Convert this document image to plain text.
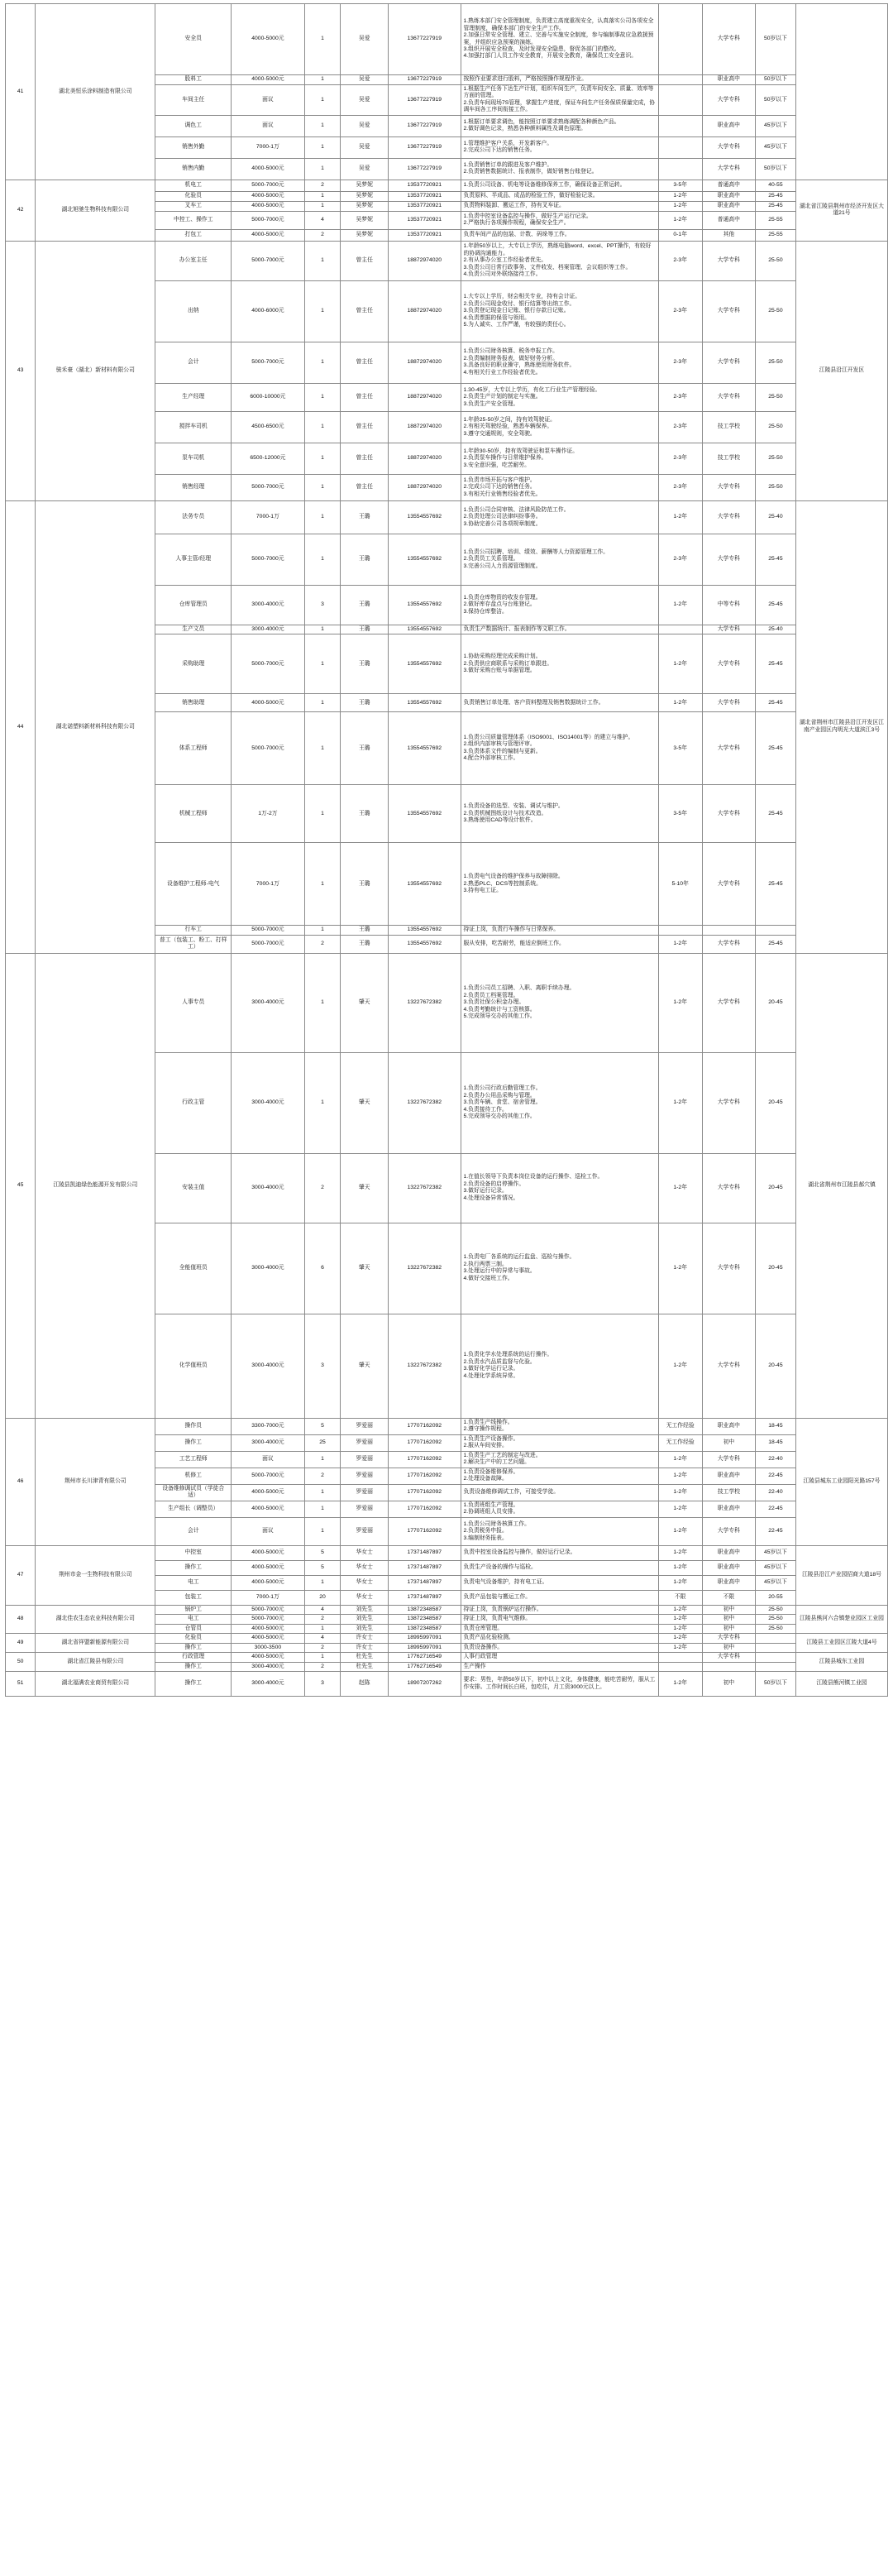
41	湖北美恒乐涂料制造有限公司	安全员	4000-5000元	1	吴爱	13677227919	1.熟练本部门安全管理制度，负责建立高度重视安全，认真落实公司各项安全管理制度，确保本部门的安全生产工作。
2.加强日常安全管理、建立、完善与实施安全制度，参与编制事故应急救援预案，并组织应急预案的演练。
3.组织开展安全检查，及时发现安全隐患，督促各部门的整改。
4.加强打部门人员工作安全教育，开展安全教育，确保员工安全意识。		大学专科	50岁以下	
		股料工	4000-5000元	1	吴爱	13677227919	按照作业要求进行股料，严格按照操作规程作业。		职业高中	50岁以下	
		车间主任	面议	1	吴爱	13677227919	1.根据生产任务下达生产计划，组织车间生产，负责车间安全、质量、效率等方面的管理。
2.负责车间现场7S管理，掌握生产进度，保证车间生产任务保质保量完成，协调车间各工序间衔接工作。		大学专科	50岁以下	
		调色工	面议	1	吴爱	13677227919	1.根据订单要求调色，能按照订单要求熟练调配各种颜色产品。
2.做好调色记录，熟悉各种颜料属性及调色原理。		职业高中	45岁以下	
		销售外勤	7000-1万	1	吴爱	13677227919	1.管理维护客户关系，开发新客户。
2.完成公司下达的销售任务。		大学专科	45岁以下	
		销售内勤	4000-5000元	1	吴爱	13677227919	1.负责销售订单的跟进及客户维护。
2.负责销售数据统计、报表制作，做好销售台账登记。		大学专科	50岁以下	
42	湖北旭驰生物科技有限公司	机电工	5000-7000元	2	吴梦妮	13537720921	1.负责公司设备、机电等设备维修保养工作，确保设备正常运转。	3-5年	普通高中	40-55	湖北省江陵县荆州市经济开发区大道21号
		化验员	4000-5000元	1	吴梦妮	13537720921	负责原料、半成品、成品的检验工作，做好检验记录。	1-2年	职业高中	25-45	
		叉车工	4000-5000元	1	吴梦妮	13537720921	负责物料装卸、搬运工作，持有叉车证。	1-2年	职业高中	25-45	
		中控工、操作工	5000-7000元	4	吴梦妮	13537720921	1.负责中控室设备监控与操作，做好生产运行记录。
2.严格执行各项操作规程，确保安全生产。	1-2年	普通高中	25-55	
		打包工	4000-5000元	2	吴梦妮	13537720921	负责车间产品的包装、计数、码垛等工作。	0-1年	其他	25-55	
43	骏禾豪（湖北）新材料有限公司	办公室主任	5000-7000元	1	曾主任	18872974020	1.年龄50岁以上，大专以上学历，熟练电脑word、excel、PPT操作，有较好的协调沟通能力。
2.有从事办公室工作经验者优先。
3.负责公司日常行政事务、文件收发、档案管理、会议组织等工作。
4.负责公司对外联络接待工作。	2-3年	大学专科	25-50	江陵县沿江开发区
		出纳	4000-6000元	1	曾主任	18872974020	1.大专以上学历，财会相关专业，持有会计证。
2.负责公司现金收付、银行结算等出纳工作。
3.负责登记现金日记账、银行存款日记账。
4.负责票据的保管与领用。
5.为人诚实、工作严谨，有较强的责任心。	2-3年	大学专科	25-50	
		会计	5000-7000元	1	曾主任	18872974020	1.负责公司财务核算、税务申报工作。
2.负责编制财务报表，做好财务分析。
3.具备良好的职业操守，熟练使用财务软件。
4.有相关行业工作经验者优先。	2-3年	大学专科	25-50	
		生产经理	6000-10000元	1	曾主任	18872974020	1.30-45岁，大专以上学历，有化工行业生产管理经验。
2.负责生产计划的制定与实施。
3.负责生产安全管理。	2-3年	大学专科	25-50	
		搅拌车司机	4500-6500元	1	曾主任	18872974020	1.年龄25-50岁之间，持有效驾驶证。
2.有相关驾驶经验，熟悉车辆保养。
3.遵守交通规则，安全驾驶。	2-3年	技工学校	25-50	
		泵车司机	6500-12000元	1	曾主任	18872974020	1.年龄30-50岁，持有效驾驶证和泵车操作证。
2.负责泵车操作与日常维护保养。
3.安全意识强，吃苦耐劳。	2-3年	技工学校	25-50	
		销售经理	5000-7000元	1	曾主任	18872974020	1.负责市场开拓与客户维护。
2.完成公司下达的销售任务。
3.有相关行业销售经验者优先。	2-3年	大学专科	25-50	
44	湖北诺塑料新材料科技有限公司	法务专员	7000-1万	1	王璐	13554557692	1.负责公司合同审核、法律风险防范工作。
2.负责处理公司法律纠纷事务。
3.协助完善公司各项规章制度。	1-2年	大学专科	25-40	湖北省荆州市江陵县沿江开发区江南产业园区内明光大道滨江3号
		人事主管/经理	5000-7000元	1	王璐	13554557692	1.负责公司招聘、培训、绩效、薪酬等人力资源管理工作。
2.负责员工关系管理。
3.完善公司人力资源管理制度。	2-3年	大学专科	25-45	
		仓库管理员	3000-4000元	3	王璐	13554557692	1.负责仓库物资的收发存管理。
2.做好库存盘点与台账登记。
3.保持仓库整洁。	1-2年	中等专科	25-45	
		生产文员	3000-4000元	1	王璐	13554557692	负责生产数据统计、报表制作等文职工作。		大学专科	25-40	
		采购助理	5000-7000元	1	王璐	13554557692	1.协助采购经理完成采购计划。
2.负责供应商联系与采购订单跟进。
3.做好采购台账与单据管理。	1-2年	大学专科	25-45	
		销售助理	4000-5000元	1	王璐	13554557692	负责销售订单处理、客户资料整理及销售数据统计工作。	1-2年	大学专科	25-45	
		体系工程师	5000-7000元	1	王璐	13554557692	1.负责公司质量管理体系（ISO9001、ISO14001等）的建立与维护。
2.组织内部审核与管理评审。
3.负责体系文件的编制与更新。
4.配合外部审核工作。	3-5年	大学专科	25-45	
		机械工程师	1万-2万	1	王璐	13554557692	1.负责设备的选型、安装、调试与维护。
2.负责机械图纸设计与技术改造。
3.熟练使用CAD等设计软件。	3-5年	大学专科	25-45	
		设备维护工程师-电气	7000-1万	1	王璐	13554557692	1.负责电气设备的维护保养与故障排除。
2.熟悉PLC、DCS等控制系统。
3.持有电工证。	5-10年	大学专科	25-45	
		行车工	5000-7000元	1	王璐	13554557692	持证上岗，负责行车操作与日常保养。				
		普工（包装工、粉工、打样工）	5000-7000元	2	王璐	13554557692	服从安排，吃苦耐劳，能适应倒班工作。	1-2年	大学专科	25-45	
45	江陵县凯迪绿色能源开发有限公司	人事专员	3000-4000元	1	肇天	13227672382	1.负责公司员工招聘、入职、离职手续办理。
2.负责员工档案管理。
3.负责社保公积金办理。
4.负责考勤统计与工资核算。
5.完成领导交办的其他工作。	1-2年	大学专科	20-45	湖北省荆州市江陵县郝穴镇
		行政主管	3000-4000元	1	肇天	13227672382	1.负责公司行政后勤管理工作。
2.负责办公用品采购与管理。
3.负责车辆、食堂、宿舍管理。
4.负责接待工作。
5.完成领导交办的其他工作。	1-2年	大学专科	20-45	
		安装主值	3000-4000元	2	肇天	13227672382	1.在值长领导下负责本岗位设备的运行操作、巡检工作。
2.负责设备的启停操作。
3.做好运行记录。
4.处理设备异常情况。	1-2年	大学专科	20-45	
		全能值班员	3000-4000元	6	肇天	13227672382	1.负责电厂各系统的运行监盘、巡检与操作。
2.执行两票三制。
3.处理运行中的异常与事故。
4.做好交接班工作。	1-2年	大学专科	20-45	
		化学值班员	3000-4000元	3	肇天	13227672382	1.负责化学水处理系统的运行操作。
2.负责水汽品质监督与化验。
3.做好化学运行记录。
4.处理化学系统异常。	1-2年	大学专科	20-45	
46	荆州市长川津青有限公司	操作员	3300-7000元	5	罗爱丽	17707162092	1.负责生产线操作。
2.遵守操作规程。	无工作经验	职业高中	18-45	江陵县城东工业园阳光路157号
		操作工	3000-4000元	25	罗爱丽	17707162092	1.负责生产设备操作。
2.服从车间安排。	无工作经验	初中	18-45	
		工艺工程师	面议	1	罗爱丽	17707162092	1.负责生产工艺的制定与改进。
2.解决生产中的工艺问题。	1-2年	大学专科	22-40	
		机修工	5000-7000元	2	罗爱丽	17707162092	1.负责设备维修保养。
2.处理设备故障。	1-2年	职业高中	22-45	
		设备维修调试员（学徒合适）	4000-5000元	1	罗爱丽	17707162092	负责设备维修调试工作，可接受学徒。	1-2年	技工学校	22-40	
		生产组长（调整员）	4000-5000元	1	罗爱丽	17707162092	1.负责班组生产管理。
2.协调班组人员安排。	1-2年	职业高中	22-45	
		会计	面议	1	罗爱丽	17707162092	1.负责公司财务核算工作。
2.负责税务申报。
3.编制财务报表。	1-2年	大学专科	22-45	
47	荆州市金一生物科技有限公司	中控室	4000-5000元	5	华女士	17371487897	负责中控室设备监控与操作，做好运行记录。	1-2年	职业高中	45岁以下	江陵县沿江产业园招商大道18号
		操作工	4000-5000元	5	华女士	17371487897	负责生产设备的操作与巡检。	1-2年	职业高中	45岁以下	
		电工	4000-5000元	1	华女士	17371487897	负责电气设备维护，持有电工证。	1-2年	职业高中	45岁以下	
		包装工	7000-1万	20	华女士	17371487897	负责产品包装与搬运工作。	不限	不限	20-55	
48	湖北佳农生态农业科技有限公司	锅炉工	5000-7000元	4	刘先生	13872348587	持证上岗，负责锅炉运行操作。	1-2年	初中	25-50	江陵县熊河六合镇楚业园区工业园
		电工	5000-7000元	2	刘先生	13872348587	持证上岗，负责电气维修。	1-2年	初中	25-50	
		仓管员	4000-5000元	1	刘先生	13872348587	负责仓库管理。	1-2年	初中	25-50	
49	湖北省祥盟新能源有限公司	化验员	4000-5000元	4	许女士	18995997091	负责产品化验检测。	1-2年	大学专科		江陵县工业园区江陵大道4号
		操作工	3000-3500	2	许女士	18995997091	负责设备操作。	1-2年	初中		
50	湖北省江陵县有限公司	行政管理	4000-5000元	1	杜先生	17762716549	人事行政管理		大学专科		江陵县城东工业园
		操作工	3000-4000元	2	杜先生	17762716549	生产操作				
51	湖北福满农业商贸有限公司	操作工	3000-4000元	3	赵陈	18907207262	要求：男性，年龄50岁以下，初中以上文化，身体健康，能吃苦耐劳，服从工作安排。工作时间长白班，包吃住，月工资3000元以上。	1-2年	初中	50岁以下	江陵县熊河镇工业园
